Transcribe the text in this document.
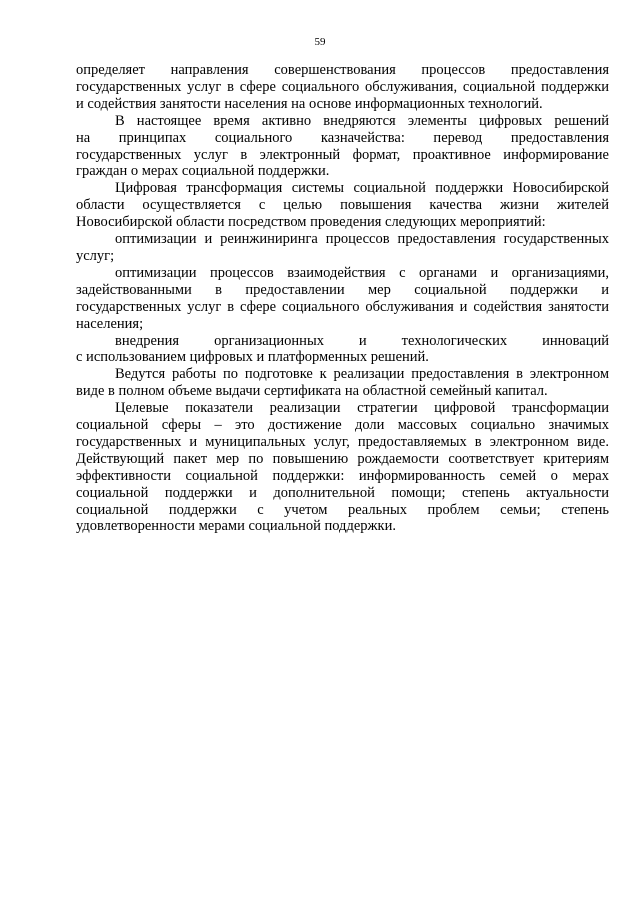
59
определяет направления совершенствования процессов предоставления
государственных услуг в сфере социального обслуживания, социальной поддержки
и содействия занятости населения на основе информационных технологий.
В настоящее время активно внедряются элементы цифровых решений
на принципах социального казначейства: перевод предоставления
государственных услуг в электронный формат, проактивное информирование
граждан о мерах социальной поддержки.
Цифровая трансформация системы социальной поддержки Новосибирской
области осуществляется с целью повышения качества жизни жителей
Новосибирской области посредством проведения следующих мероприятий:
оптимизации и реинжиниринга процессов предоставления государственных
услуг;
оптимизации процессов взаимодействия с органами и организациями,
задействованными в предоставлении мер социальной поддержки и
государственных услуг в сфере социального обслуживания и содействия занятости
населения;
внедрения организационных и технологических инноваций
с использованием цифровых и платформенных решений.
Ведутся работы по подготовке к реализации предоставления в электронном
виде в полном объеме выдачи сертификата на областной семейный капитал.
Целевые показатели реализации стратегии цифровой трансформации
социальной сферы – это достижение доли массовых социально значимых
государственных и муниципальных услуг, предоставляемых в электронном виде.
Действующий пакет мер по повышению рождаемости соответствует критериям
эффективности социальной поддержки: информированность семей о мерах
социальной поддержки и дополнительной помощи; степень актуальности
социальной поддержки с учетом реальных проблем семьи; степень
удовлетворенности мерами социальной поддержки.
